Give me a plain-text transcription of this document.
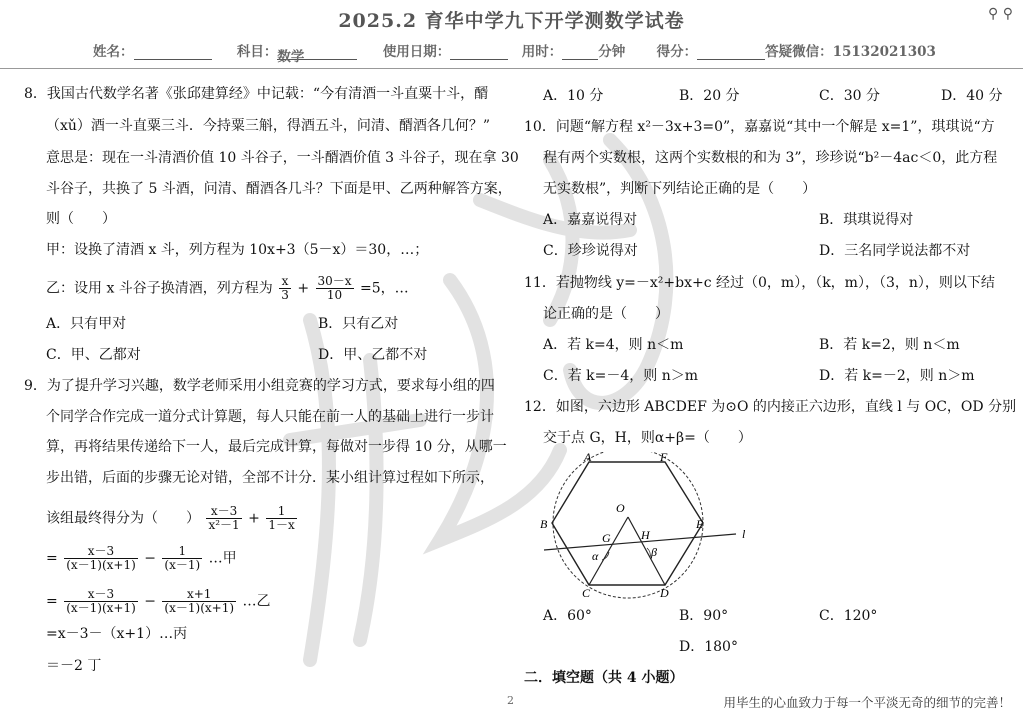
⚲ ⚲
2025.2 育华中学九下开学测数学试卷
姓名：	科目：数学	使用日期：	用时：	分钟 得分：	答疑微信：15132021303
8．我国古代数学名著《张邱建算经》中记载：“今有清酒一斗直粟十斗，醑
（xǔ）酒一斗直粟三斗．今持粟三斛，得酒五斗，问清、醑酒各几何？”
意思是：现在一斗清酒价值 10 斗谷子，一斗醑酒价值 3 斗谷子，现在拿 30
斗谷子，共换了 5 斗酒，问清、醑酒各几斗？下面是甲、乙两种解答方案，
则（　　）
甲：设换了清酒 x 斗，列方程为 10x+3（5－x）＝30，…；
乙：设用 x 斗谷子换清酒，列方程为 $\frac{x}{3} + \frac{30-x}{10} =5$，…
A．只有甲对	B．只有乙对
C．甲、乙都对	D．甲、乙都不对
9．为了提升学习兴趣，数学老师采用小组竞赛的学习方式，要求每小组的四
个同学合作完成一道分式计算题，每人只能在前一人的基础上进行一步计
算，再将结果传递给下一人，最后完成计算，每做对一步得 10 分，从哪一
步出错，后面的步骤无论对错，全部不计分．某小组计算过程如下所示，
该组最终得分为（　　） $\frac{x-3}{\text{x²－1}} + \frac{1}{1-x}$
= $\frac{x-3}{(x-1)(x+1)} - \frac{1}{(x-1)}$ …甲
= $\frac{x-3}{(x-1)(x+1)} - \frac{x+1}{(x-1)(x+1)}$ …乙
=x－3－（x+1）…丙
＝－2 丁
A．10 分	B．20 分	C．30 分	D．40 分
10．问题“解方程 x²－3x+3=0”，嘉嘉说“其中一个解是 x=1”，琪琪说“方
程有两个实数根，这两个实数根的和为 3”，珍珍说“b²－4ac＜0，此方程
无实数根”，判断下列结论正确的是（　　）
A．嘉嘉说得对	B．琪琪说得对
C．珍珍说得对	D．三名同学说法都不对
11．若抛物线 y=－x²+bx+c 经过（0，m），（k，m），（3，n），则以下结
论正确的是（　　）
A．若 k=4，则 n＜m	B．若 k=2，则 n＜m
C．若 k=－4，则 n＞m	D．若 k=－2，则 n＞m
12．如图，六边形 ABCDEF 为⊙O 的内接正六边形，直线 l 与 OC，OD 分别
交于点 G，H，则α+β=（　　）
A	F
B	E
O
G	H
C	D
l
α	β
A．60°	B．90°	C．120°
D．180°
二．填空题（共 4 小题）
2	用毕生的心血致力于每一个平淡无奇的细节的完善！
